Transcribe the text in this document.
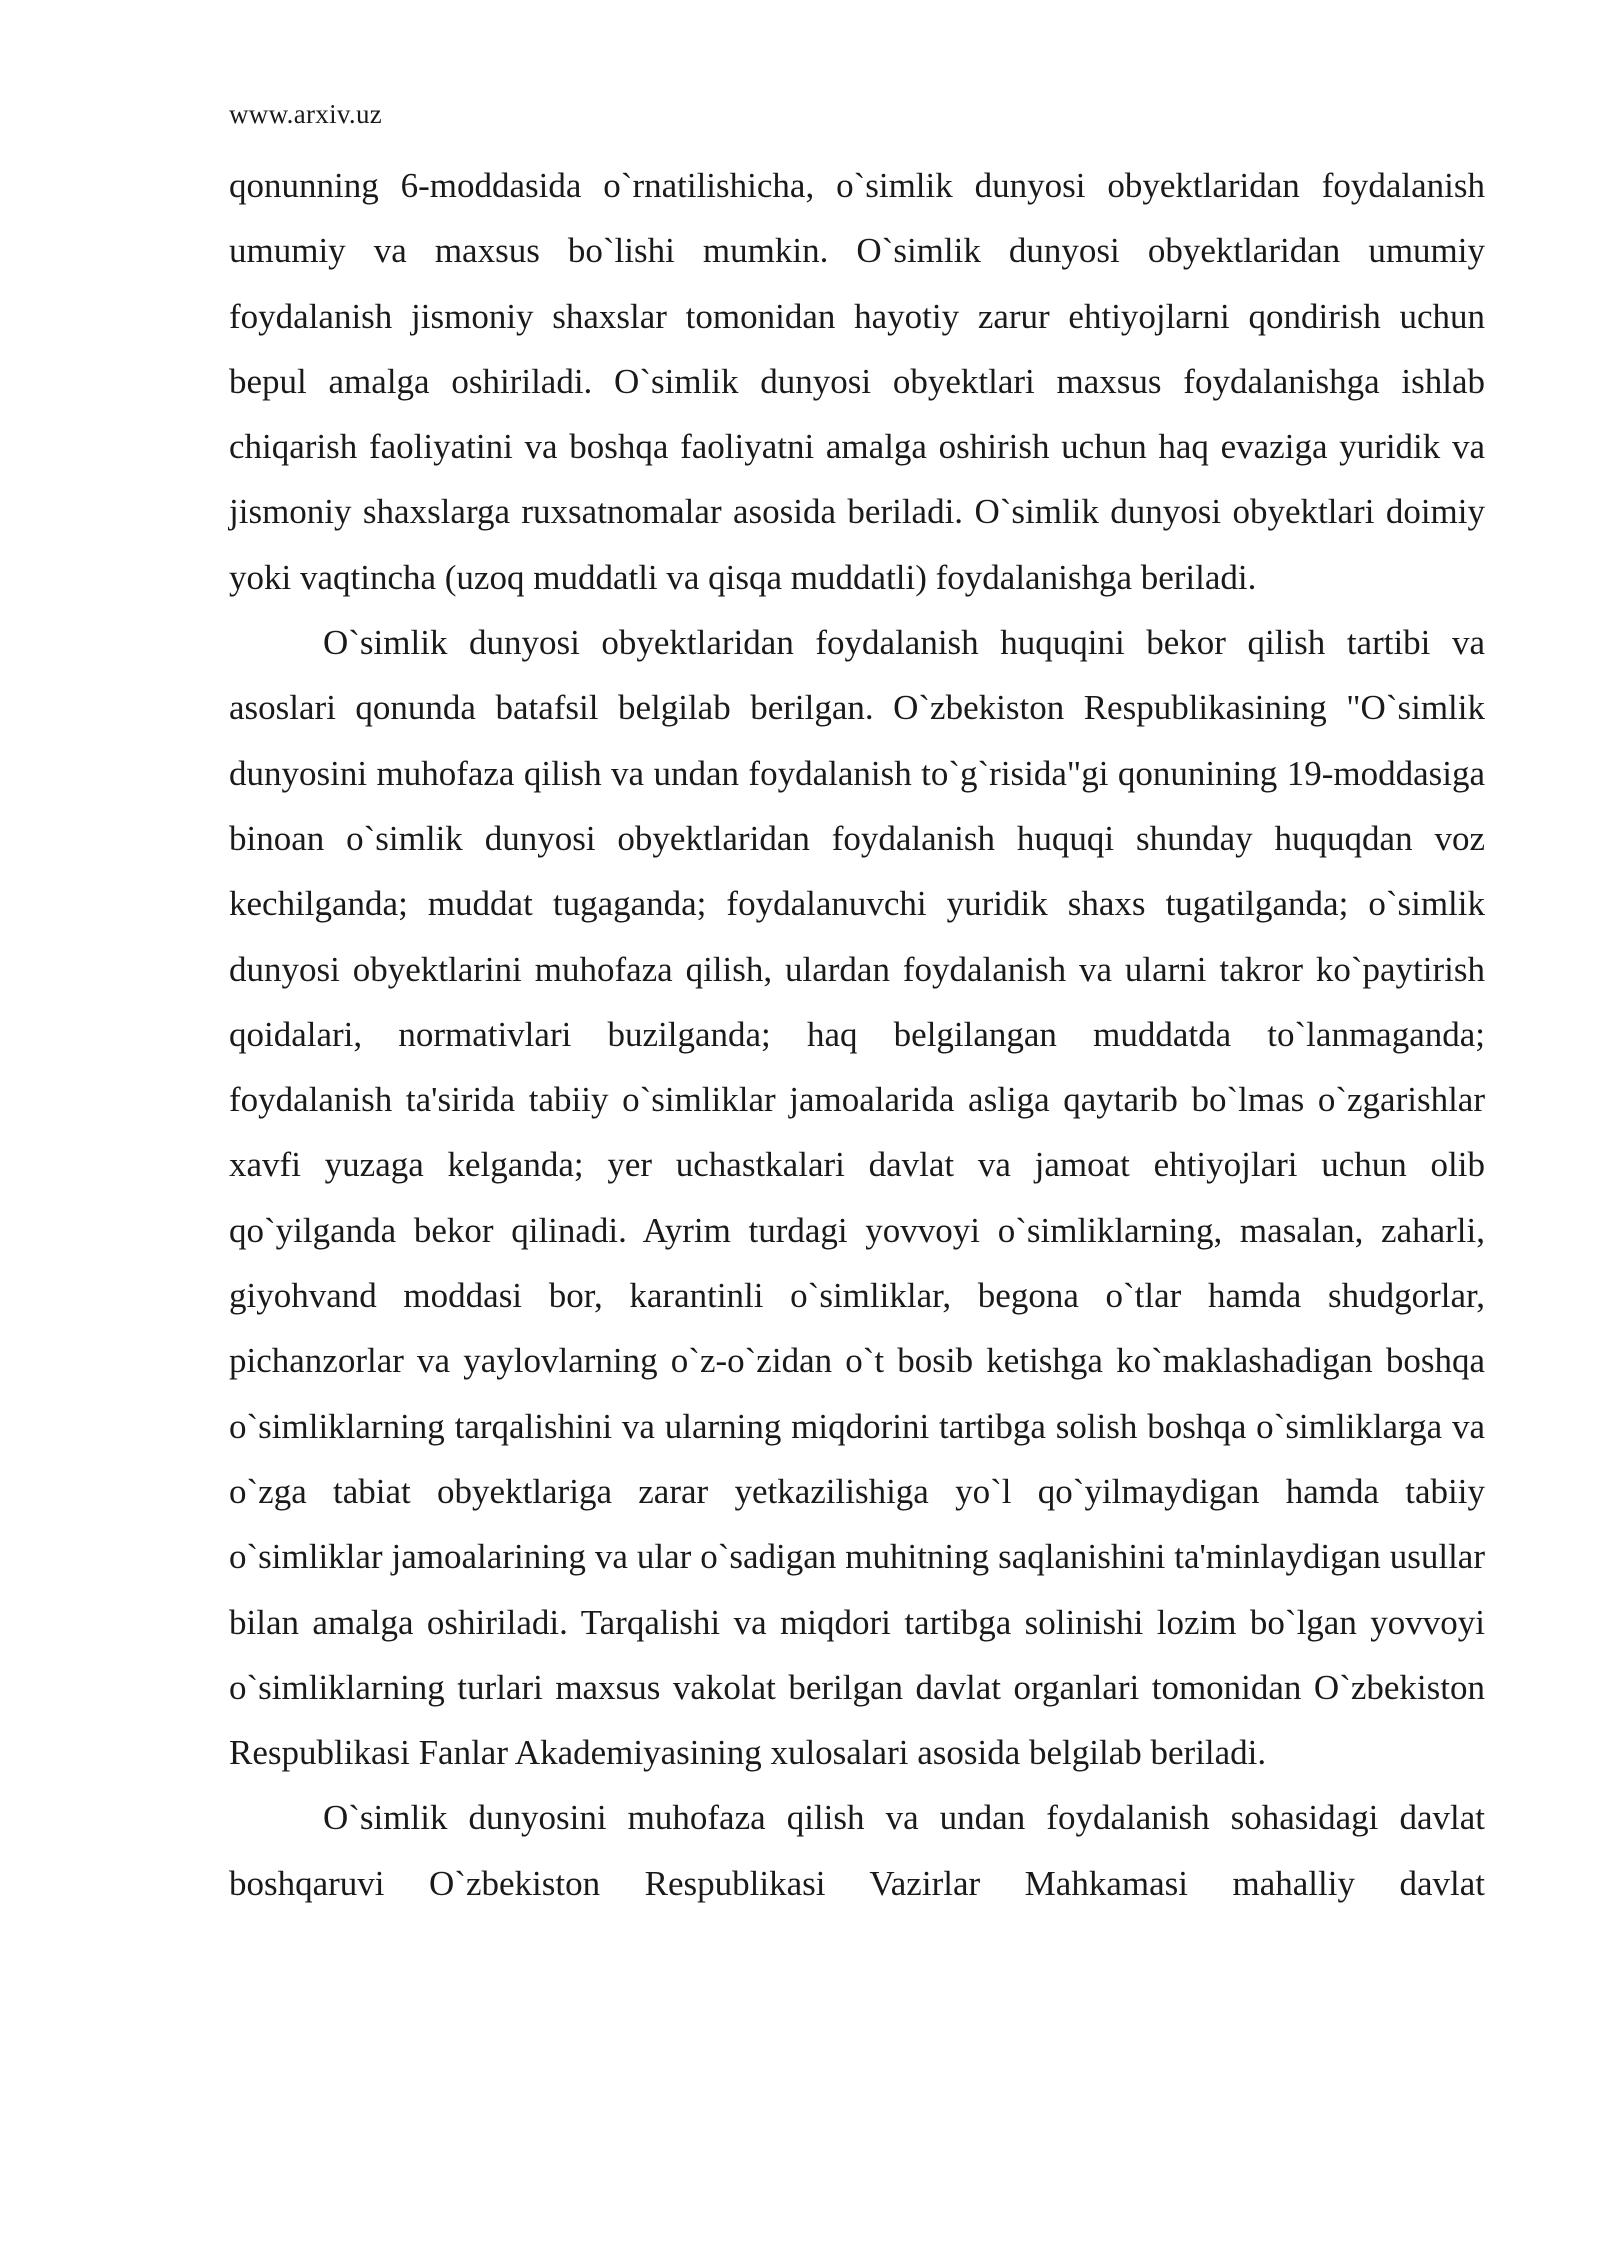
www.arxiv.uz

qonunning 6-moddasida o`rnatilishicha, o`simlik dunyosi obyektlaridan foydalanish umumiy va maxsus bo`lishi mumkin. O`simlik dunyosi obyektlaridan umumiy foydalanish jismoniy shaxslar tomonidan hayotiy zarur ehtiyojlarni qondirish uchun bepul amalga oshiriladi. O`simlik dunyosi obyektlari maxsus foydalanishga ishlab chiqarish faoliyatini va boshqa faoliyatni amalga oshirish uchun haq evaziga yuridik va jismoniy shaxslarga ruxsatnomalar asosida beriladi. O`simlik dunyosi obyektlari doimiy yoki vaqtincha (uzoq muddatli va qisqa muddatli) foydalanishga beriladi.

O`simlik dunyosi obyektlaridan foydalanish huquqini bekor qilish tartibi va asoslari qonunda batafsil belgilab berilgan. O`zbekiston Respublikasining "O`simlik dunyosini muhofaza qilish va undan foydalanish to`g`risida"gi qonunining 19-moddasiga binoan o`simlik dunyosi obyektlaridan foydalanish huquqi shunday huquqdan voz kechilganda; muddat tugaganda; foydalanuvchi yuridik shaxs tugatilganda; o`simlik dunyosi obyektlarini muhofaza qilish, ulardan foydalanish va ularni takror ko`paytirish qoidalari, normativlari buzilganda; haq belgilangan muddatda to`lanmaganda; foydalanish ta'sirida tabiiy o`simliklar jamoalarida asliga qaytarib bo`lmas o`zgarishlar xavfi yuzaga kelganda; yer uchastkalari davlat va jamoat ehtiyojlari uchun olib qo`yilganda bekor qilinadi. Ayrim turdagi yovvoyi o`simliklarning, masalan, zaharli, giyohvand moddasi bor, karantinli o`simliklar, begona o`tlar hamda shudgorlar, pichanzorlar va yaylovlarning o`z-o`zidan o`t bosib ketishga ko`maklashadigan boshqa o`simliklarning tarqalishini va ularning miqdorini tartibga solish boshqa o`simliklarga va o`zga tabiat obyektlariga zarar yetkazilishiga yo`l qo`yilmaydigan hamda tabiiy o`simliklar jamoalarining va ular o`sadigan muhitning saqlanishini ta'minlaydigan usullar bilan amalga oshiriladi. Tarqalishi va miqdori tartibga solinishi lozim bo`lgan yovvoyi o`simliklarning turlari maxsus vakolat berilgan davlat organlari tomonidan O`zbekiston Respublikasi Fanlar Akademiyasining xulosalari asosida belgilab beriladi.

O`simlik dunyosini muhofaza qilish va undan foydalanish sohasidagi davlat boshqaruvi O`zbekiston Respublikasi Vazirlar Mahkamasi mahalliy davlat
